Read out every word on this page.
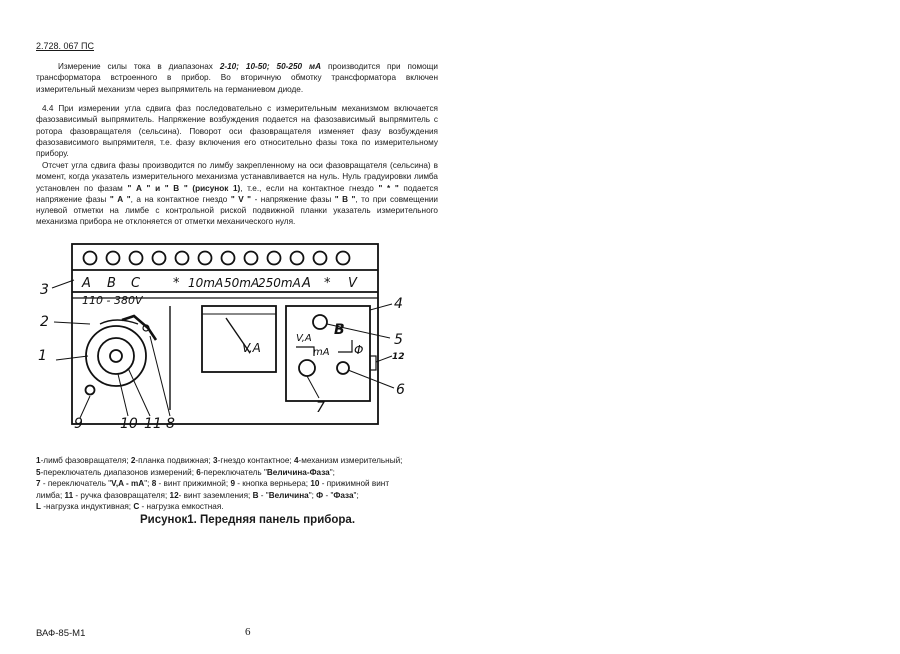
2.728. 067 ПС

Измерение силы тока в диапазонах 2-10; 10-50; 50-250 мА производится при помощи трансформатора встроенного в прибор. Во вторичную обмотку трансформатора включен измерительный механизм через выпрямитель на германиевом диоде.

4.4 При измерении угла сдвига фаз последовательно с измерительным механизмом включается фазозависимый выпрямитель. Напряжение возбуждения подается на фазозависимый выпрямитель с ротора фазовращателя (сельсина). Поворот оси фазовращателя изменяет фазу возбуждения фазозависимого выпрямителя, т.е. фазу включения его относительно фазы тока по измерительному прибору.

Отсчет угла сдвига фазы производится по лимбу закрепленному на оси фазовращателя (сельсина) в момент, когда указатель измерительного механизма устанавливается на нуль. Нуль градуировки лимба установлен по фазам " А " и " В " (рисунок 1), т.е., если на контактное гнездо " * " подается напряжение фазы " А ", а на контактное гнездо " V " - напряжение фазы " В ", то при совмещении нулевой отметки на лимбе с контрольной риской подвижной планки указатель измерительного механизма прибора не отклоняется от отметки механического нуля.

A B C	* 10mA 50mA
250mA A * V
110 - 380V
V,A
V,A
B
mA Φ
1
2
3
4
5
6
7
8
9	10 11
12

1-лимб фазовращателя; 2-планка подвижная; 3-гнездо контактное; 4-механизм измерительный;
5-переключатель диапазонов измерений; 6-переключатель "Величина-Фаза";
7 - переключатель "V,A - mA"; 8 - винт прижимной; 9 - кнопка верньера; 10 - прижимной винт
лимба; 11 - ручка фазовращателя; 12- винт заземления; В - "Величина"; Ф - "Фаза";
L -нагрузка индуктивная; С - нагрузка емкостная.

Рисунок1. Передняя панель прибора.
ВАФ-85-М1	6
